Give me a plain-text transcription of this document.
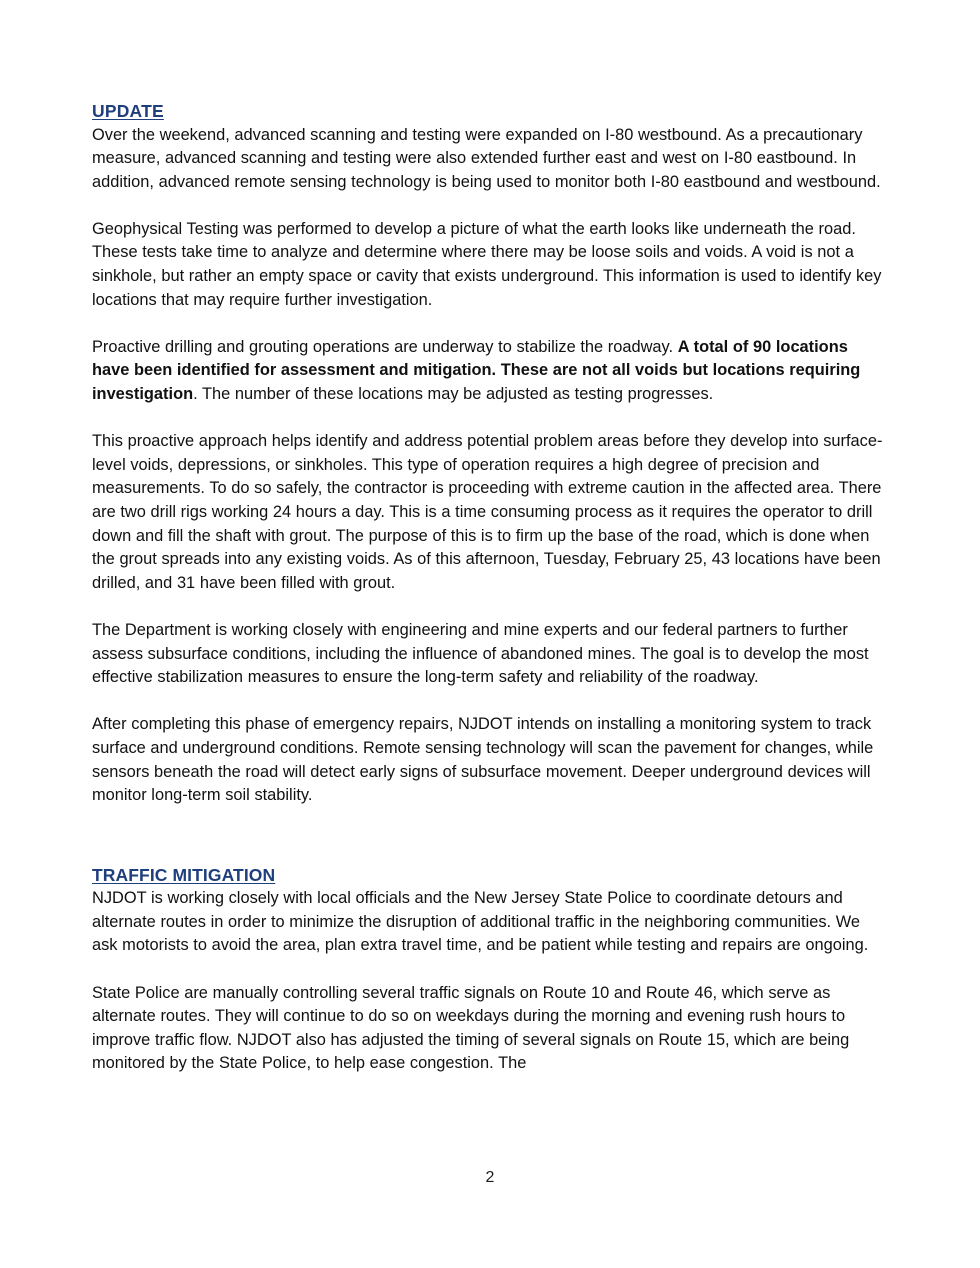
UPDATE

Over the weekend, advanced scanning and testing were expanded on I-80 westbound. As a precautionary measure, advanced scanning and testing were also extended further east and west on I-80 eastbound. In addition, advanced remote sensing technology is being used to monitor both I-80 eastbound and westbound.

Geophysical Testing was performed to develop a picture of what the earth looks like underneath the road. These tests take time to analyze and determine where there may be loose soils and voids. A void is not a sinkhole, but rather an empty space or cavity that exists underground. This information is used to identify key locations that may require further investigation.

Proactive drilling and grouting operations are underway to stabilize the roadway. A total of 90 locations have been identified for assessment and mitigation. These are not all voids but locations requiring investigation. The number of these locations may be adjusted as testing progresses.

This proactive approach helps identify and address potential problem areas before they develop into surface-level voids, depressions, or sinkholes. This type of operation requires a high degree of precision and measurements. To do so safely, the contractor is proceeding with extreme caution in the affected area. There are two drill rigs working 24 hours a day. This is a time consuming process as it requires the operator to drill down and fill the shaft with grout. The purpose of this is to firm up the base of the road, which is done when the grout spreads into any existing voids. As of this afternoon, Tuesday, February 25, 43 locations have been drilled, and 31 have been filled with grout.

The Department is working closely with engineering and mine experts and our federal partners to further assess subsurface conditions, including the influence of abandoned mines. The goal is to develop the most effective stabilization measures to ensure the long-term safety and reliability of the roadway.

After completing this phase of emergency repairs, NJDOT intends on installing a monitoring system to track surface and underground conditions. Remote sensing technology will scan the pavement for changes, while sensors beneath the road will detect early signs of subsurface movement. Deeper underground devices will monitor long-term soil stability.

TRAFFIC MITIGATION

NJDOT is working closely with local officials and the New Jersey State Police to coordinate detours and alternate routes in order to minimize the disruption of additional traffic in the neighboring communities. We ask motorists to avoid the area, plan extra travel time, and be patient while testing and repairs are ongoing.

State Police are manually controlling several traffic signals on Route 10 and Route 46, which serve as alternate routes. They will continue to do so on weekdays during the morning and evening rush hours to improve traffic flow. NJDOT also has adjusted the timing of several signals on Route 15, which are being monitored by the State Police, to help ease congestion. The

2
